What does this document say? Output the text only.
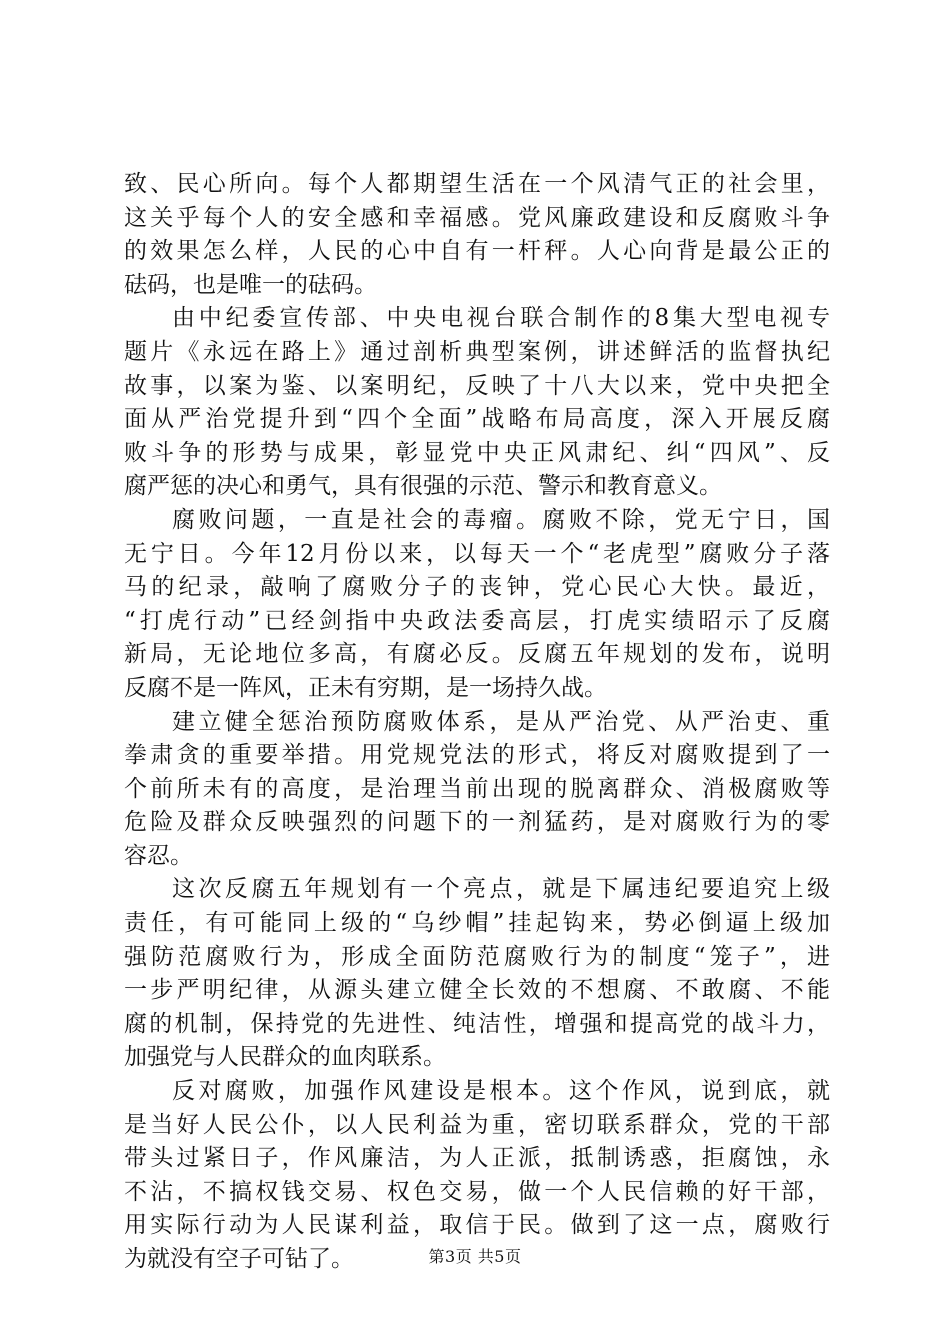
致、民心所向。每个人都期望生活在一个风清气正的社会里，
这关乎每个人的安全感和幸福感。党风廉政建设和反腐败斗争
的效果怎么样，人民的心中自有一杆秤。人心向背是最公正的
砝码，也是唯一的砝码。
由中纪委宣传部、中央电视台联合制作的8集大型电视专
题片《永远在路上》通过剖析典型案例，讲述鲜活的监督执纪
故事，以案为鉴、以案明纪，反映了十八大以来，党中央把全
面从严治党提升到“四个全面”战略布局高度，深入开展反腐
败斗争的形势与成果，彰显党中央正风肃纪、纠“四风”、反
腐严惩的决心和勇气，具有很强的示范、警示和教育意义。
腐败问题，一直是社会的毒瘤。腐败不除，党无宁日，国
无宁日。今年12月份以来，以每天一个“老虎型”腐败分子落
马的纪录，敲响了腐败分子的丧钟，党心民心大快。最近，
“打虎行动”已经剑指中央政法委高层，打虎实绩昭示了反腐
新局，无论地位多高，有腐必反。反腐五年规划的发布，说明
反腐不是一阵风，正未有穷期，是一场持久战。
建立健全惩治预防腐败体系，是从严治党、从严治吏、重
拳肃贪的重要举措。用党规党法的形式，将反对腐败提到了一
个前所未有的高度，是治理当前出现的脱离群众、消极腐败等
危险及群众反映强烈的问题下的一剂猛药，是对腐败行为的零
容忍。
这次反腐五年规划有一个亮点，就是下属违纪要追究上级
责任，有可能同上级的“乌纱帽”挂起钩来，势必倒逼上级加
强防范腐败行为，形成全面防范腐败行为的制度“笼子”，进
一步严明纪律，从源头建立健全长效的不想腐、不敢腐、不能
腐的机制，保持党的先进性、纯洁性，增强和提高党的战斗力，
加强党与人民群众的血肉联系。
反对腐败，加强作风建设是根本。这个作风，说到底，就
是当好人民公仆，以人民利益为重，密切联系群众，党的干部
带头过紧日子，作风廉洁，为人正派，抵制诱惑，拒腐蚀，永
不沾，不搞权钱交易、权色交易，做一个人民信赖的好干部，
用实际行动为人民谋利益，取信于民。做到了这一点，腐败行
为就没有空子可钻了。	第3页 共5页
